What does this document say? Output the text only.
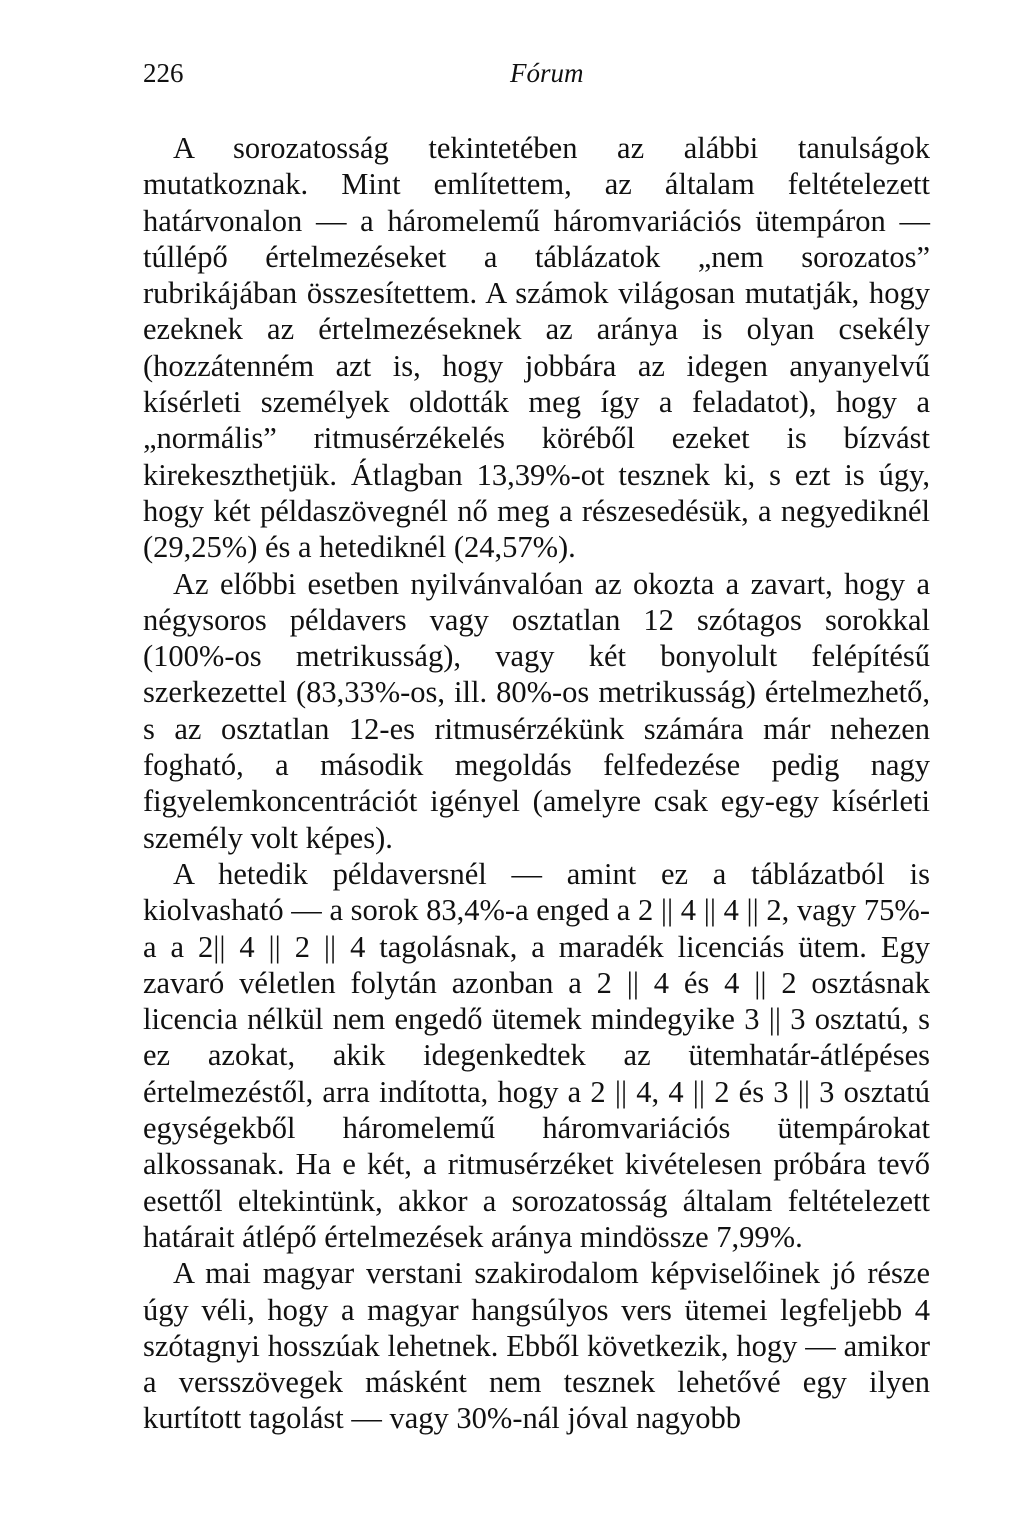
226	Fórum

A sorozatosság tekintetében az alábbi tanulságok mutatkoznak. Mint említettem, az általam feltételezett határvonalon — a háromelemű háromvariációs ütempáron — túllépő értelmezéseket a táblázatok „nem sorozatos” rubrikájában összesítettem. A számok világosan mutatják, hogy ezeknek az értelmezéseknek az aránya is olyan csekély (hozzátenném azt is, hogy jobbára az idegen anyanyelvű kísérleti személyek oldották meg így a feladatot), hogy a „normális” ritmusérzékelés köréből ezeket is bízvást kirekeszthetjük. Átlagban 13,39%-ot tesznek ki, s ezt is úgy, hogy két példaszövegnél nő meg a részesedésük, a negyediknél (29,25%) és a hetediknél (24,57%).

Az előbbi esetben nyilvánvalóan az okozta a zavart, hogy a négysoros példavers vagy osztatlan 12 szótagos sorokkal (100%-os metrikusság), vagy két bonyolult felépítésű szerkezettel (83,33%-os, ill. 80%-os metrikusság) értelmezhető, s az osztatlan 12-es ritmusérzékünk számára már nehezen fogható, a második megoldás felfedezése pedig nagy figyelemkoncentrációt igényel (amelyre csak egy-egy kísérleti személy volt képes).

A hetedik példaversnél — amint ez a táblázatból is kiolvasható — a sorok 83,4%-a enged a 2 || 4 || 4 || 2, vagy 75%-a a 2|| 4 || 2 || 4 tagolásnak, a maradék licenciás ütem. Egy zavaró véletlen folytán azonban a 2 || 4 és 4 || 2 osztásnak licencia nélkül nem engedő ütemek mindegyike 3 || 3 osztatú, s ez azokat, akik idegenkedtek az ütemhatár-átlépéses értelmezéstől, arra indította, hogy a 2 || 4, 4 || 2 és 3 || 3 osztatú egységekből háromelemű háromvariációs ütempárokat alkossanak. Ha e két, a ritmusérzéket kivételesen próbára tevő esettől eltekintünk, akkor a sorozatosság általam feltételezett határait átlépő értelmezések aránya mindössze 7,99%.

A mai magyar verstani szakirodalom képviselőinek jó része úgy véli, hogy a magyar hangsúlyos vers ütemei legfeljebb 4 szótagnyi hosszúak lehetnek. Ebből következik, hogy — amikor a versszövegek másként nem tesznek lehetővé egy ilyen kurtított tagolást — vagy 30%-nál jóval nagyobb
